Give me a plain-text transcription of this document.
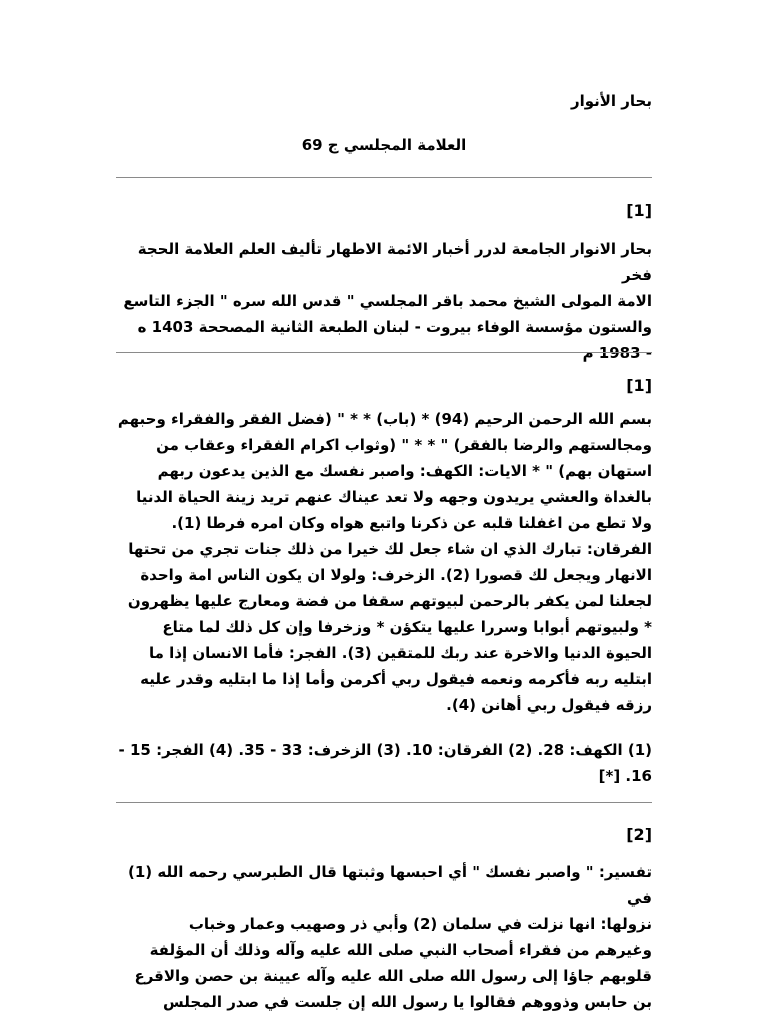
بحار الأنوار
العلامة المجلسي ج 69
[1]
بحار الانوار الجامعة لدرر أخبار الائمة الاطهار تأليف العلم العلامة الحجة فخر
الامة المولى الشيخ محمد باقر المجلسي " قدس الله سره " الجزء التاسع
والستون مؤسسة الوفاء بيروت - لبنان الطبعة الثانية المصححة 1403 ه
- 1983 م
[1]
بسم الله الرحمن الرحيم (94) * (باب) * * " (فضل الفقر والفقراء وحبهم
ومجالستهم والرضا بالفقر) " * * " (وثواب اكرام الفقراء وعقاب من
استهان بهم) " * الايات: الكهف: واصبر نفسك مع الذين يدعون ربهم
بالغداة والعشي يريدون وجهه ولا تعد عيناك عنهم تريد زينة الحياة الدنيا
ولا تطع من اغفلنا قلبه عن ذكرنا واتبع هواه وكان امره فرطا (1).
الفرقان: تبارك الذي ان شاء جعل لك خيرا من ذلك جنات تجري من تحتها
الانهار ويجعل لك قصورا (2). الزخرف: ولولا ان يكون الناس امة واحدة
لجعلنا لمن يكفر بالرحمن لبيوتهم سقفا من فضة ومعارج عليها يظهرون
* ولبيوتهم أبوابا وسررا عليها يتكؤن * وزخرفا وإن كل ذلك لما متاع
الحيوة الدنيا والاخرة عند ربك للمتقين (3). الفجر: فأما الانسان إذا ما
ابتليه ربه فأكرمه ونعمه فيقول ربي أكرمن وأما إذا ما ابتليه وقدر عليه
رزقه فيقول ربي أهانن (4).
(1) الكهف: 28. (2) الفرقان: 10. (3) الزخرف: 33 - 35. (4) الفجر: 15 -
16. [*]
[2]
تفسير: " واصبر نفسك " أي احبسها وثبتها قال الطبرسي رحمه الله (1) في
نزولها: انها نزلت في سلمان (2) وأبي ذر وصهيب وعمار وخباب
وغيرهم من فقراء أصحاب النبي صلى الله عليه وآله وذلك أن المؤلفة
قلوبهم جاؤا إلى رسول الله صلى الله عليه وآله عيينة بن حصن والاقرع
بن حابس وذووهم فقالوا يا رسول الله إن جلست في صدر المجلس
